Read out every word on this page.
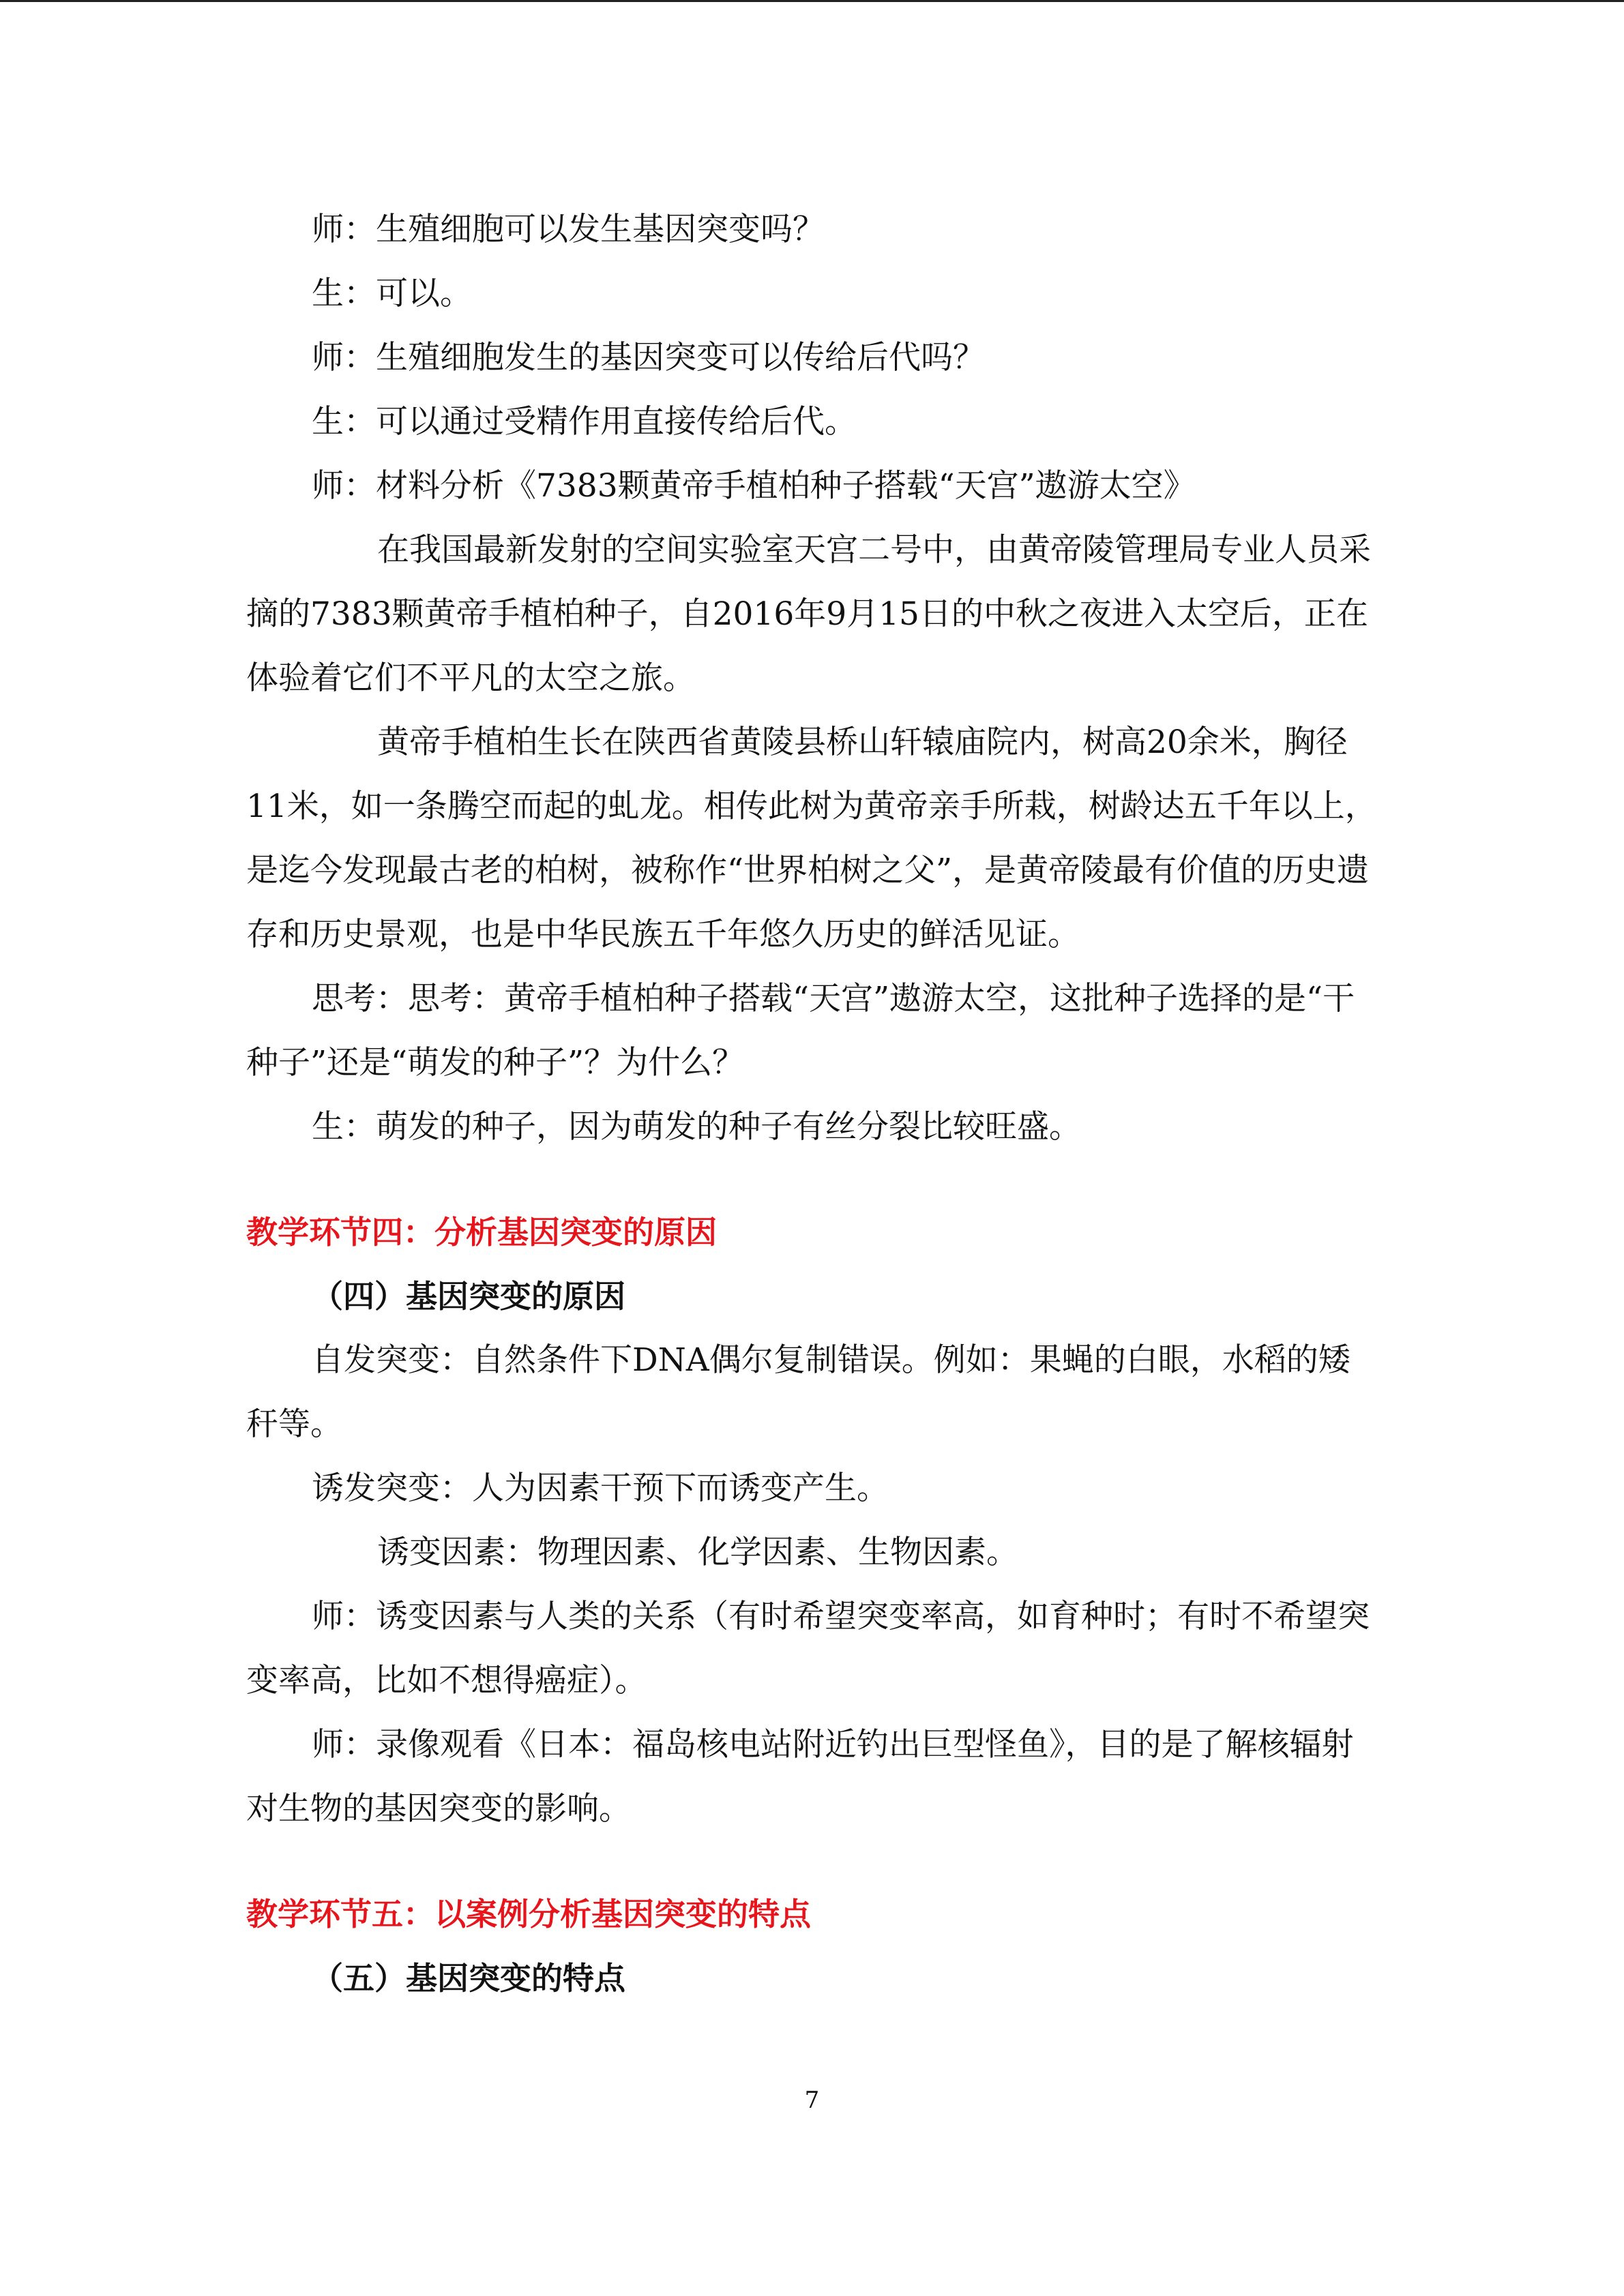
师：生殖细胞可以发生基因突变吗？

生：可以。

师：生殖细胞发生的基因突变可以传给后代吗？

生：可以通过受精作用直接传给后代。

师：材料分析《7383颗黄帝手植柏种子搭载“天宫”遨游太空》

在我国最新发射的空间实验室天宫二号中，由黄帝陵管理局专业人员采摘的7383颗黄帝手植柏种子，自2016年9月15日的中秋之夜进入太空后，正在体验着它们不平凡的太空之旅。

黄帝手植柏生长在陕西省黄陵县桥山轩辕庙院内，树高20余米，胸径11米，如一条腾空而起的虬龙。相传此树为黄帝亲手所栽，树龄达五千年以上，是迄今发现最古老的柏树，被称作“世界柏树之父”，是黄帝陵最有价值的历史遗存和历史景观，也是中华民族五千年悠久历史的鲜活见证。

思考：思考：黄帝手植柏种子搭载“天宫”遨游太空，这批种子选择的是“干种子”还是“萌发的种子”？为什么？

生：萌发的种子，因为萌发的种子有丝分裂比较旺盛。

教学环节四：分析基因突变的原因

（四）基因突变的原因

自发突变：自然条件下DNA偶尔复制错误。例如：果蝇的白眼，水稻的矮秆等。

诱发突变：人为因素干预下而诱变产生。

诱变因素：物理因素、化学因素、生物因素。

师：诱变因素与人类的关系（有时希望突变率高，如育种时；有时不希望突变率高，比如不想得癌症）。

师：录像观看《日本：福岛核电站附近钓出巨型怪鱼》，目的是了解核辐射对生物的基因突变的影响。

教学环节五：以案例分析基因突变的特点

（五）基因突变的特点

7
